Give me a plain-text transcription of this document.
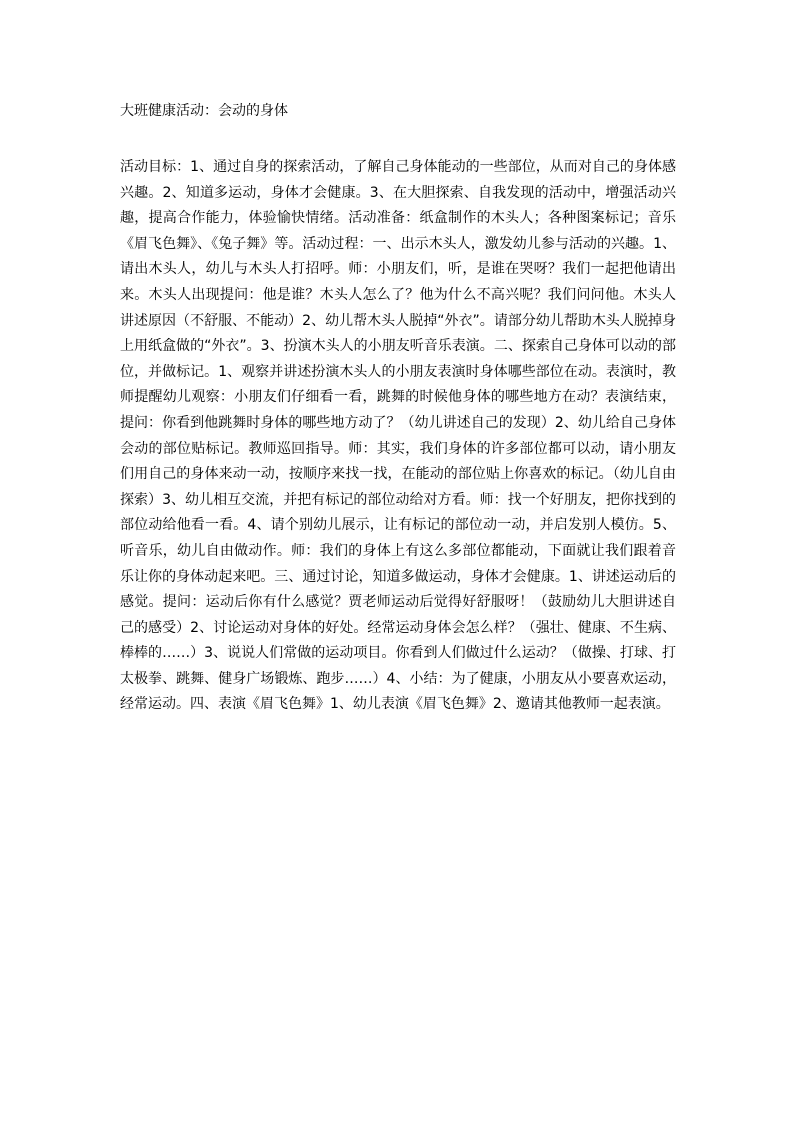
大班健康活动：会动的身体

活动目标：1、通过自身的探索活动，了解自己身体能动的一些部位，从而对自己的身体感兴趣。2、知道多运动，身体才会健康。3、在大胆探索、自我发现的活动中，增强活动兴趣，提高合作能力，体验愉快情绪。活动准备：纸盒制作的木头人；各种图案标记；音乐《眉飞色舞》、《兔子舞》等。活动过程：一、出示木头人，激发幼儿参与活动的兴趣。1、请出木头人，幼儿与木头人打招呼。师：小朋友们，听，是谁在哭呀？我们一起把他请出来。木头人出现提问：他是谁？木头人怎么了？他为什么不高兴呢？我们问问他。木头人讲述原因（不舒服、不能动）2、幼儿帮木头人脱掉“外衣”。请部分幼儿帮助木头人脱掉身上用纸盒做的“外衣”。3、扮演木头人的小朋友听音乐表演。二、探索自己身体可以动的部位，并做标记。1、观察并讲述扮演木头人的小朋友表演时身体哪些部位在动。表演时，教师提醒幼儿观察：小朋友们仔细看一看，跳舞的时候他身体的哪些地方在动？表演结束，提问：你看到他跳舞时身体的哪些地方动了？（幼儿讲述自己的发现）2、幼儿给自己身体会动的部位贴标记。教师巡回指导。师：其实，我们身体的许多部位都可以动，请小朋友们用自己的身体来动一动，按顺序来找一找，在能动的部位贴上你喜欢的标记。（幼儿自由探索）3、幼儿相互交流，并把有标记的部位动给对方看。师：找一个好朋友，把你找到的部位动给他看一看。4、请个别幼儿展示，让有标记的部位动一动，并启发别人模仿。5、听音乐，幼儿自由做动作。师：我们的身体上有这么多部位都能动，下面就让我们跟着音乐让你的身体动起来吧。三、通过讨论，知道多做运动，身体才会健康。1、讲述运动后的感觉。提问：运动后你有什么感觉？贾老师运动后觉得好舒服呀！（鼓励幼儿大胆讲述自己的感受）2、讨论运动对身体的好处。经常运动身体会怎么样？（强壮、健康、不生病、棒棒的……）3、说说人们常做的运动项目。你看到人们做过什么运动？（做操、打球、打太极拳、跳舞、健身广场锻炼、跑步……）4、小结：为了健康，小朋友从小要喜欢运动，经常运动。四、表演《眉飞色舞》1、幼儿表演《眉飞色舞》2、邀请其他教师一起表演。
